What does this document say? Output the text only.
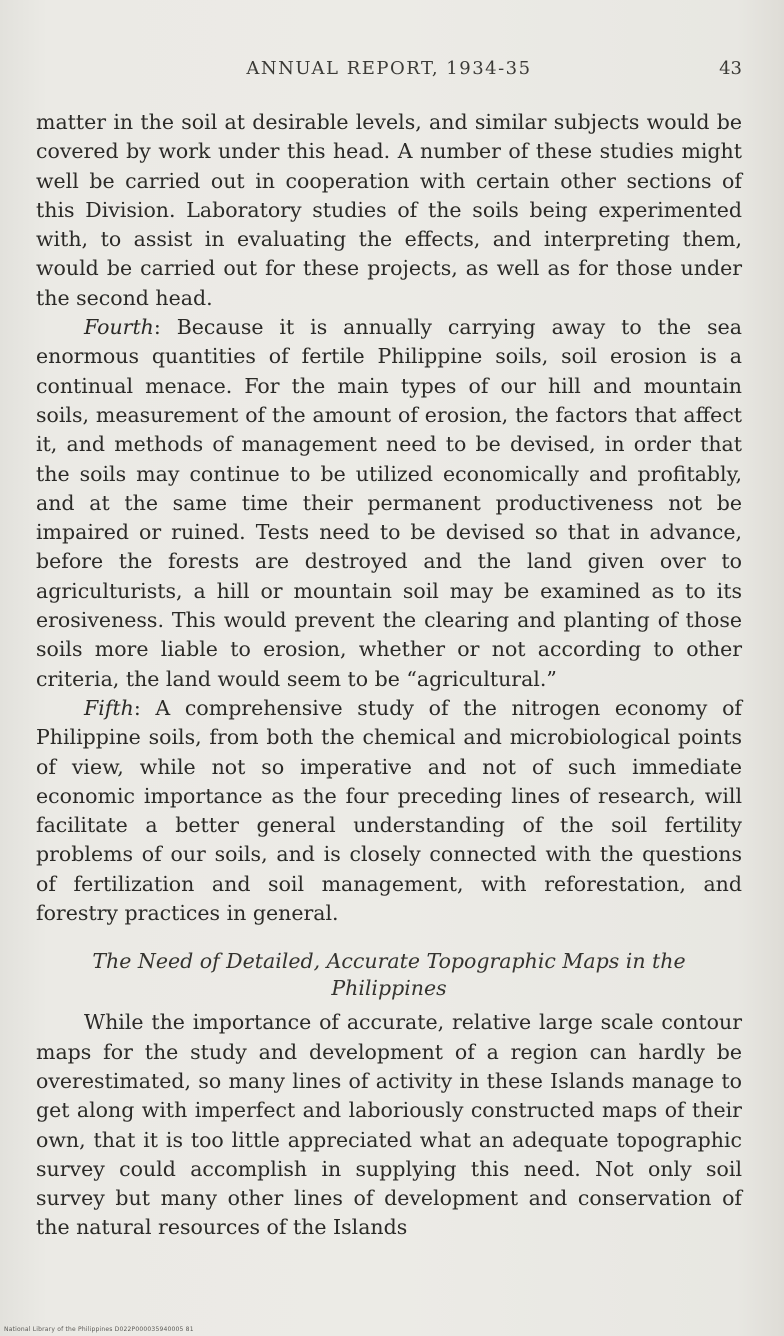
ANNUAL REPORT, 1934-35	43

matter in the soil at desirable levels, and similar subjects would be covered by work under this head. A number of these studies might well be carried out in cooperation with certain other sections of this Division. Laboratory studies of the soils being experimented with, to assist in evaluating the effects, and interpreting them, would be carried out for these projects, as well as for those under the second head.

Fourth: Because it is annually carrying away to the sea enormous quantities of fertile Philippine soils, soil erosion is a continual menace. For the main types of our hill and mountain soils, measurement of the amount of erosion, the factors that affect it, and methods of management need to be devised, in order that the soils may continue to be utilized economically and profitably, and at the same time their permanent productiveness not be impaired or ruined. Tests need to be devised so that in advance, before the forests are destroyed and the land given over to agriculturists, a hill or mountain soil may be examined as to its erosiveness. This would prevent the clearing and planting of those soils more liable to erosion, whether or not according to other criteria, the land would seem to be “agricultural.”

Fifth: A comprehensive study of the nitrogen economy of Philippine soils, from both the chemical and microbiological points of view, while not so imperative and not of such immediate economic importance as the four preceding lines of research, will facilitate a better general understanding of the soil fertility problems of our soils, and is closely connected with the questions of fertilization and soil management, with reforestation, and forestry practices in general.

The Need of Detailed, Accurate Topographic Maps in the
Philippines

While the importance of accurate, relative large scale contour maps for the study and development of a region can hardly be overestimated, so many lines of activity in these Islands manage to get along with imperfect and laboriously constructed maps of their own, that it is too little appreciated what an adequate topographic survey could accomplish in supplying this need. Not only soil survey but many other lines of development and conservation of the natural resources of the Islands

National Library of the Philippines D022P000035940005 81
